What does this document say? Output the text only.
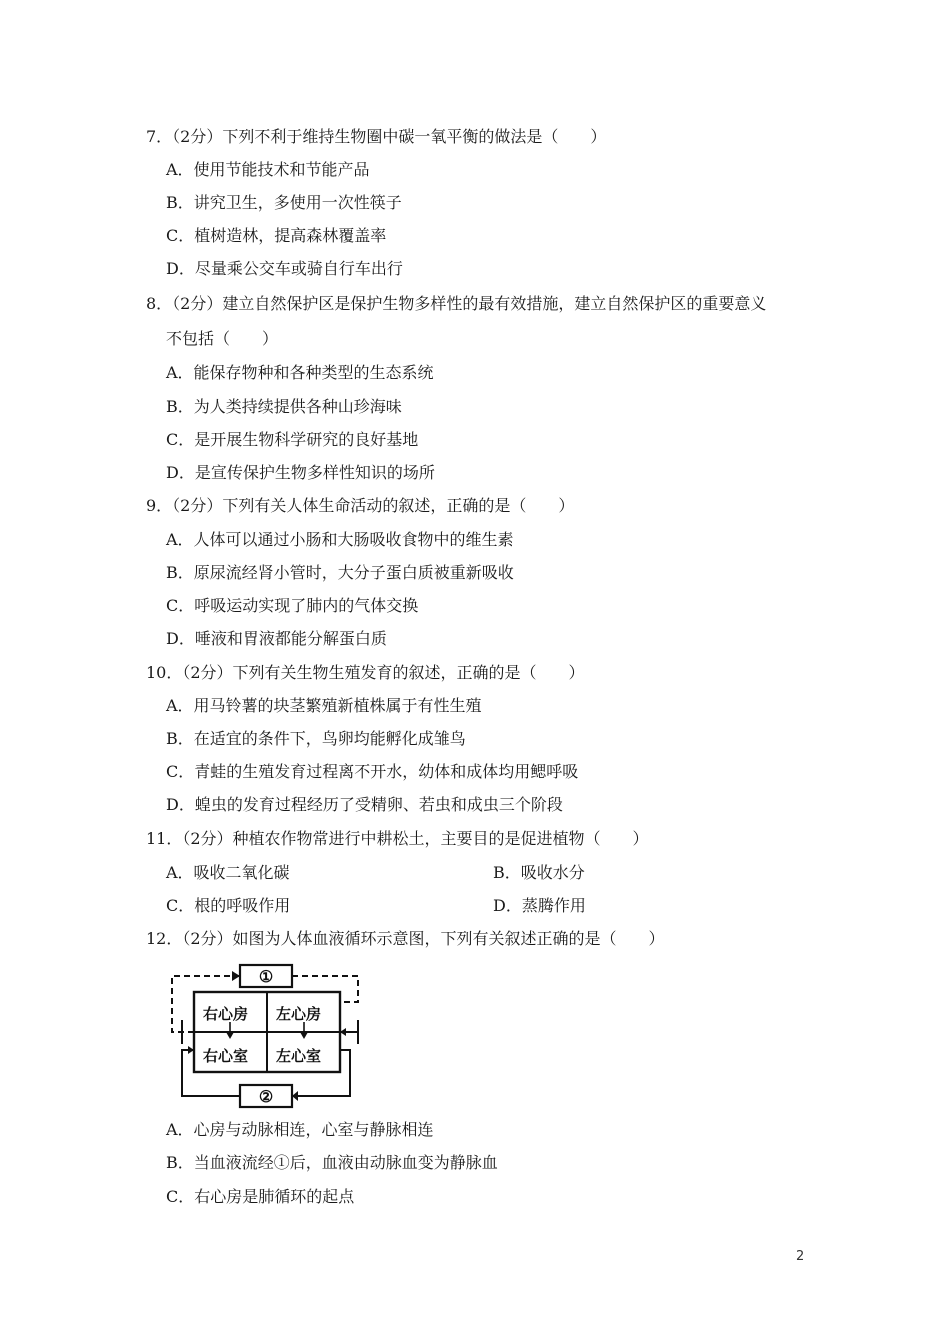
7．（2分）下列不利于维持生物圈中碳一氧平衡的做法是（　　）
A．使用节能技术和节能产品
B．讲究卫生，多使用一次性筷子
C．植树造林，提高森林覆盖率
D．尽量乘公交车或骑自行车出行
8．（2分）建立自然保护区是保护生物多样性的最有效措施，建立自然保护区的重要意义
不包括（　　）
A．能保存物种和各种类型的生态系统
B．为人类持续提供各种山珍海味
C．是开展生物科学研究的良好基地
D．是宣传保护生物多样性知识的场所
9．（2分）下列有关人体生命活动的叙述，正确的是（　　）
A．人体可以通过小肠和大肠吸收食物中的维生素
B．原尿流经肾小管时，大分子蛋白质被重新吸收
C．呼吸运动实现了肺内的气体交换
D．唾液和胃液都能分解蛋白质
10．（2分）下列有关生物生殖发育的叙述，正确的是（　　）
A．用马铃薯的块茎繁殖新植株属于有性生殖
B．在适宜的条件下，鸟卵均能孵化成雏鸟
C．青蛙的生殖发育过程离不开水，幼体和成体均用鳃呼吸
D．蝗虫的发育过程经历了受精卵、若虫和成虫三个阶段
11．（2分）种植农作物常进行中耕松土，主要目的是促进植物（　　）
A．吸收二氧化碳	B．吸收水分
C．根的呼吸作用	D．蒸腾作用
12．（2分）如图为人体血液循环示意图，下列有关叙述正确的是（　　）
①
②
右心房 左心房
右心室 左心室
A．心房与动脉相连，心室与静脉相连
B．当血液流经①后，血液由动脉血变为静脉血
C．右心房是肺循环的起点
2
